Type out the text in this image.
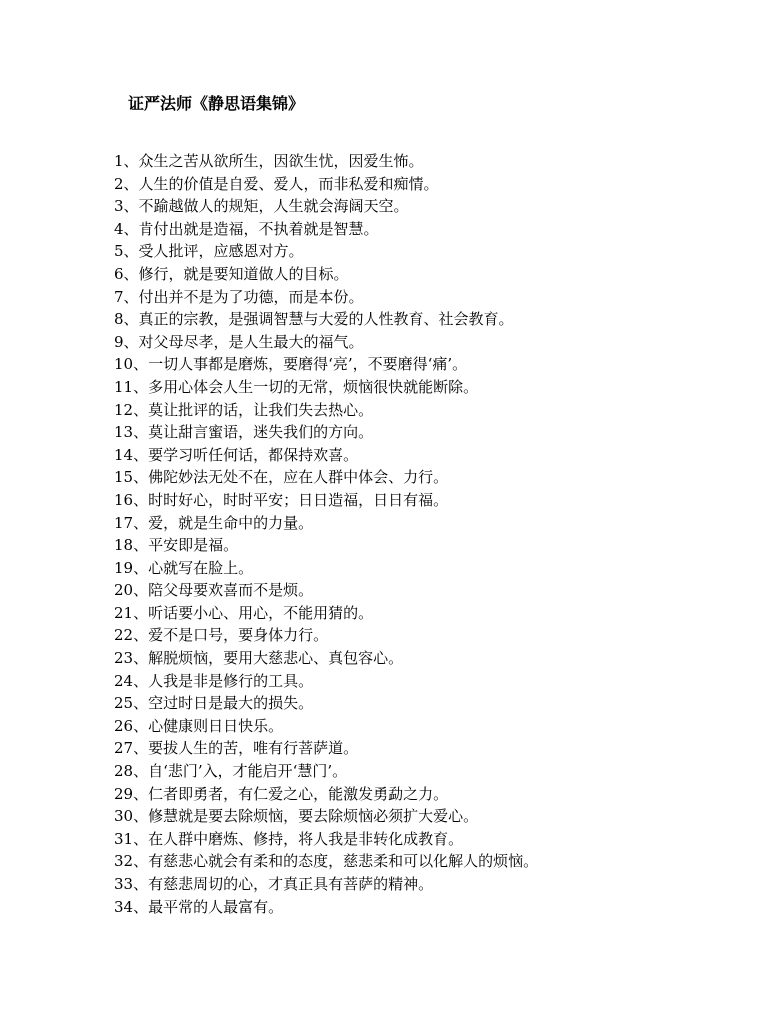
证严法师《静思语集锦》
1、众生之苦从欲所生，因欲生忧，因爱生怖。
2、人生的价值是自爱、爱人，而非私爱和痴情。
3、不踰越做人的规矩，人生就会海阔天空。
4、肯付出就是造福，不执着就是智慧。
5、受人批评，应感恩对方。
6、修行，就是要知道做人的目标。
7、付出并不是为了功德，而是本份。
8、真正的宗教，是强调智慧与大爱的人性教育、社会教育。
9、对父母尽孝，是人生最大的福气。
10、一切人事都是磨炼，要磨得‘亮’，不要磨得‘痛’。
11、多用心体会人生一切的无常，烦恼很快就能断除。
12、莫让批评的话，让我们失去热心。
13、莫让甜言蜜语，迷失我们的方向。
14、要学习听任何话，都保持欢喜。
15、佛陀妙法无处不在，应在人群中体会、力行。
16、时时好心，时时平安；日日造福，日日有福。
17、爱，就是生命中的力量。
18、平安即是福。
19、心就写在脸上。
20、陪父母要欢喜而不是烦。
21、听话要小心、用心，不能用猜的。
22、爱不是口号，要身体力行。
23、解脱烦恼，要用大慈悲心、真包容心。
24、人我是非是修行的工具。
25、空过时日是最大的损失。
26、心健康则日日快乐。
27、要拔人生的苦，唯有行菩萨道。
28、自‘悲门’入，才能启开‘慧门’。
29、仁者即勇者，有仁爱之心，能激发勇勐之力。
30、修慧就是要去除烦恼，要去除烦恼必须扩大爱心。
31、在人群中磨炼、修持，将人我是非转化成教育。
32、有慈悲心就会有柔和的态度，慈悲柔和可以化解人的烦恼。
33、有慈悲周切的心，才真正具有菩萨的精神。
34、最平常的人最富有。
